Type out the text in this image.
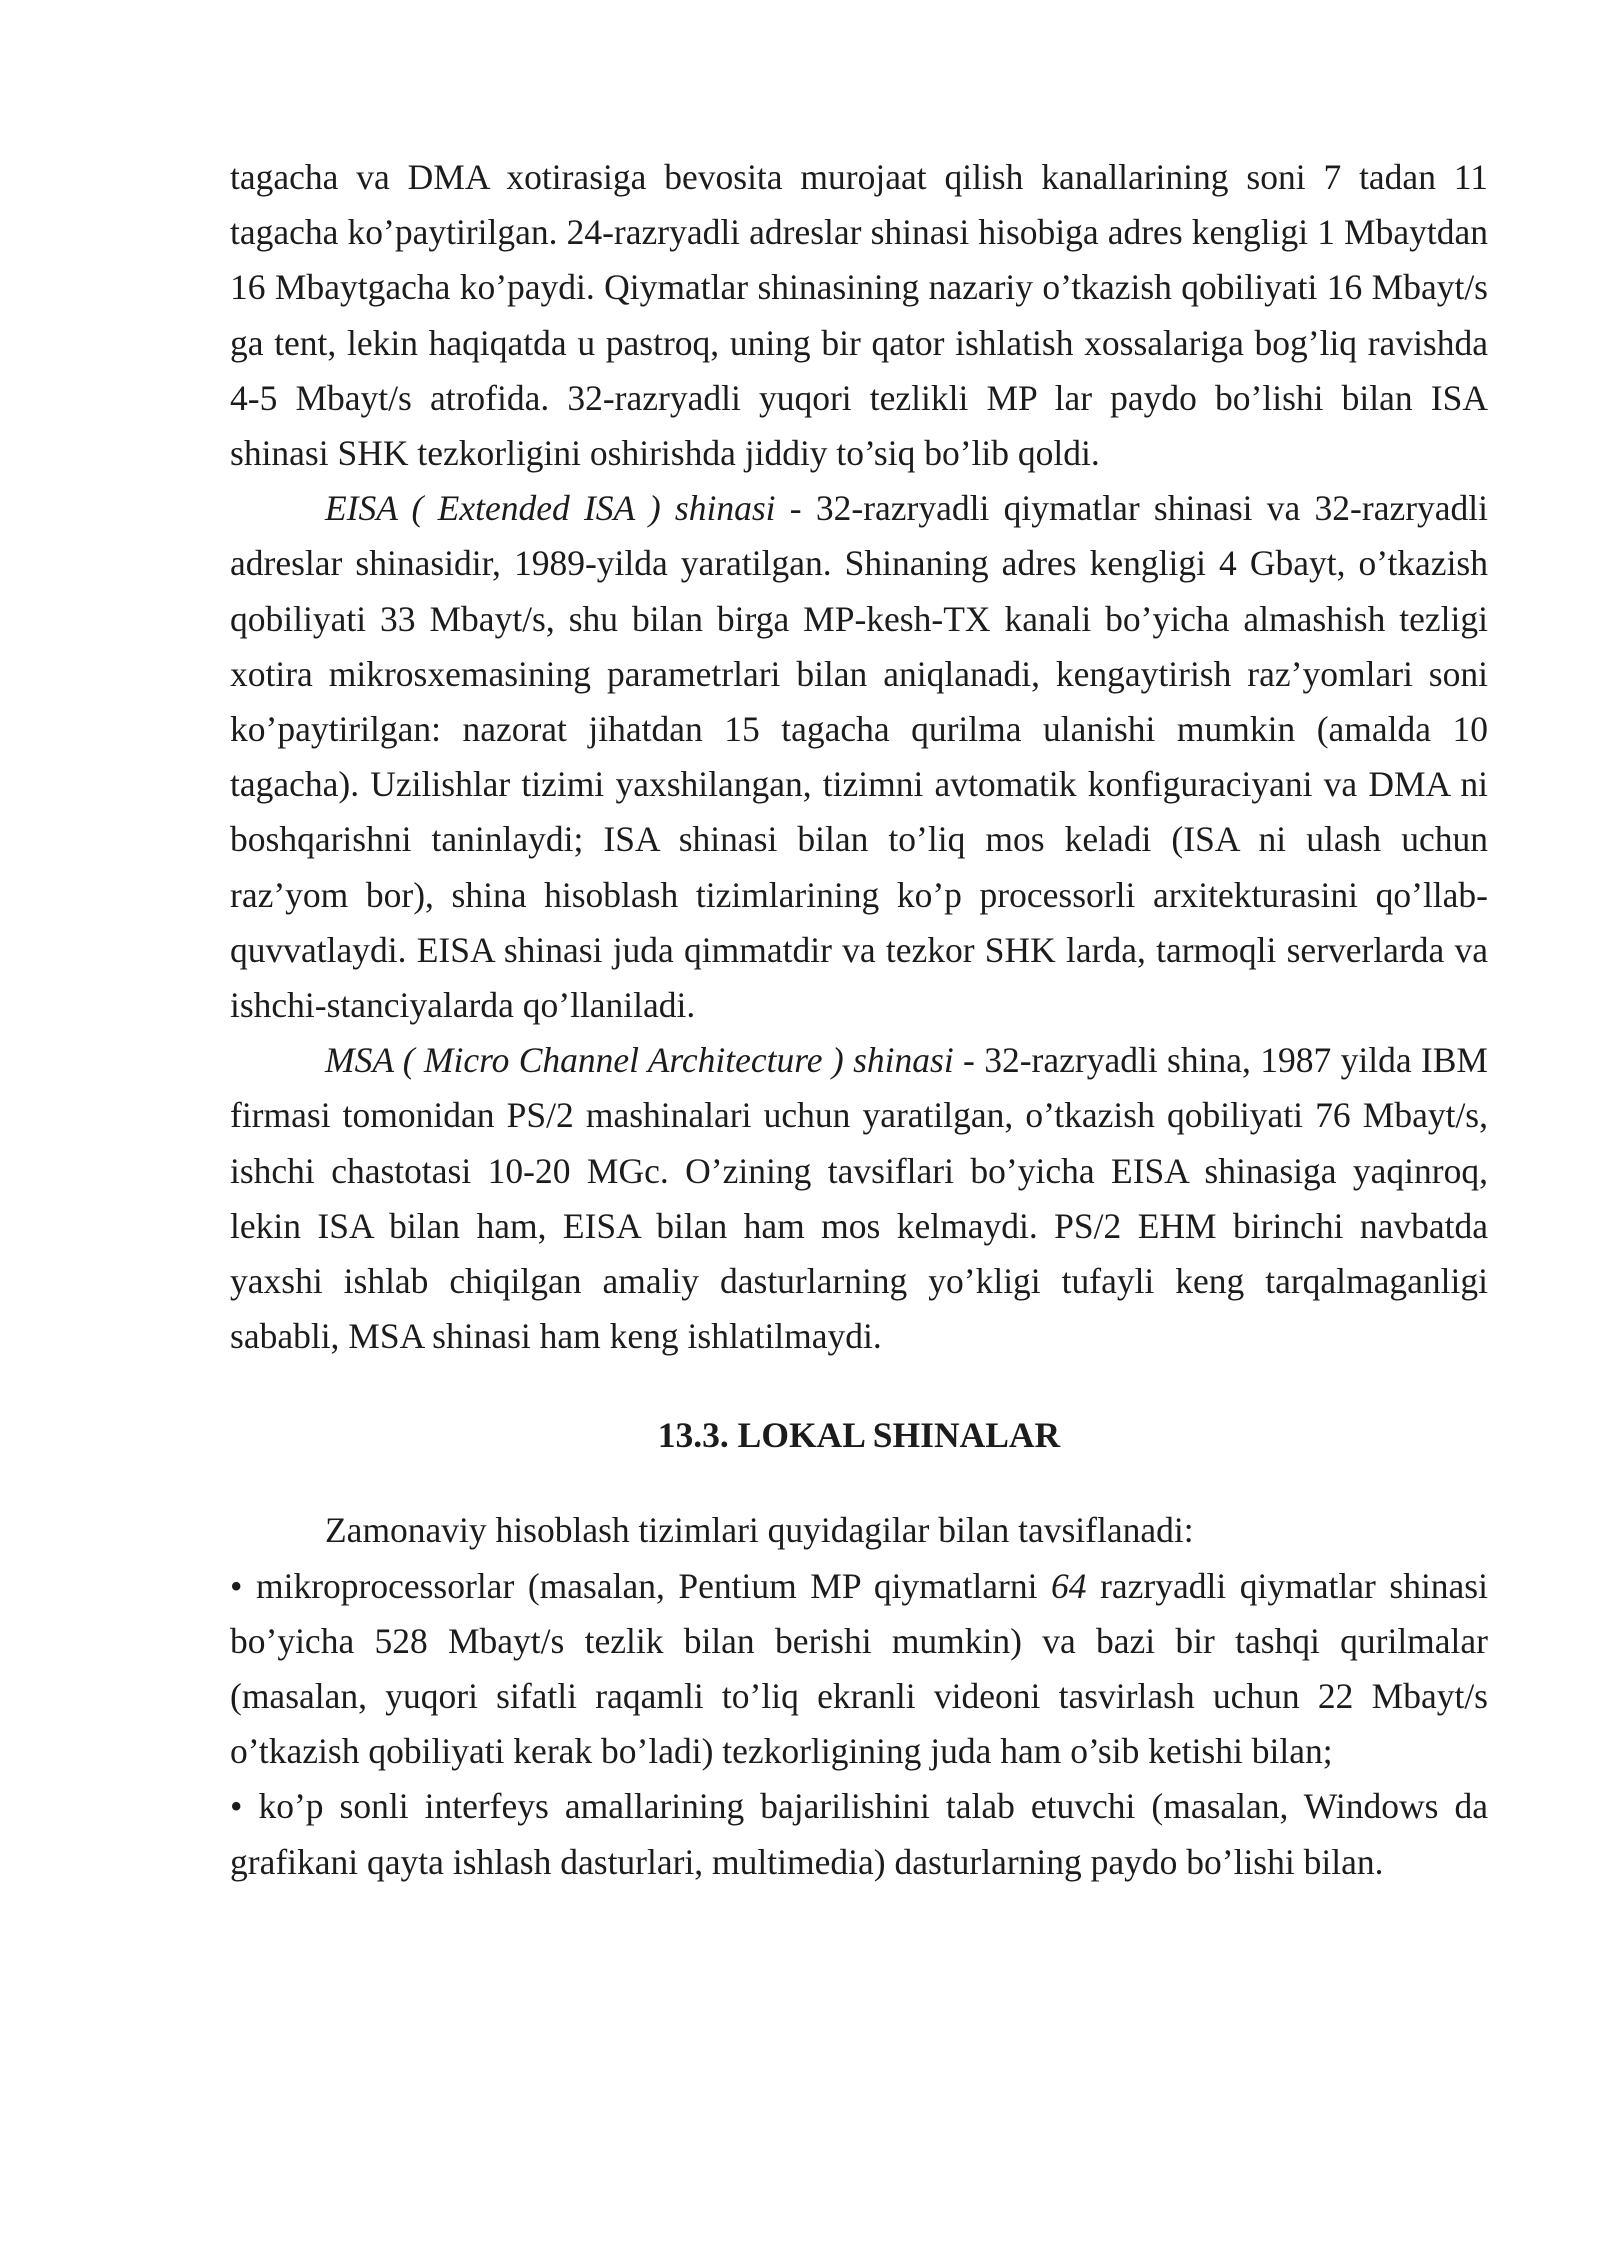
tagacha va DMA xotirasiga bevosita murojaat qilish kanallarining soni 7 tadan 11 tagacha ko’paytirilgan. 24-razryadli adreslar shinasi hisobiga adres kengligi 1 Mbaytdan 16 Mbaytgacha ko’paydi. Qiymatlar shinasining nazariy o’tkazish qobiliyati 16 Mbayt/s ga tent, lekin haqiqatda u pastroq, uning bir qator ishlatish xossalariga bog’liq ravishda 4-5 Mbayt/s atrofida. 32-razryadli yuqori tezlikli MP lar paydo bo’lishi bilan ISA shinasi SHK tezkorligini oshirishda jiddiy to’siq bo’lib qoldi.

EISA ( Extended ISA ) shinasi - 32-razryadli qiymatlar shinasi va 32-razryadli adreslar shinasidir, 1989-yilda yaratilgan. Shinaning adres kengligi 4 Gbayt, o’tkazish qobiliyati 33 Mbayt/s, shu bilan birga MP-kesh-TX kanali bo’yicha almashish tezligi xotira mikrosxemasining parametrlari bilan aniqlanadi, kengaytirish raz’yomlari soni ko’paytirilgan: nazorat jihatdan 15 tagacha qurilma ulanishi mumkin (amalda 10 tagacha). Uzilishlar tizimi yaxshilangan, tizimni avtomatik konfiguraciyani va DMA ni boshqarishni taninlaydi; ISA shinasi bilan to’liq mos keladi (ISA ni ulash uchun raz’yom bor), shina hisoblash tizimlarining ko’p processorli arxitekturasini qo’llab-quvvatlaydi. EISA shinasi juda qimmatdir va tezkor SHK larda, tarmoqli serverlarda va ishchi-stanciyalarda qo’llaniladi.

MSA ( Micro Channel Architecture ) shinasi - 32-razryadli shina, 1987 yilda IBM firmasi tomonidan PS/2 mashinalari uchun yaratilgan, o’tkazish qobiliyati 76 Mbayt/s, ishchi chastotasi 10-20 MGc. O’zining tavsiflari bo’yicha EISA shinasiga yaqinroq, lekin ISA bilan ham, EISA bilan ham mos kelmaydi. PS/2 EHM birinchi navbatda yaxshi ishlab chiqilgan amaliy dasturlarning yo’kligi tufayli keng tarqalmaganligi sababli, MSA shinasi ham keng ishlatilmaydi.

13.3. LOKAL SHINALAR

Zamonaviy hisoblash tizimlari quyidagilar bilan tavsiflanadi:

• mikroprocessorlar (masalan, Pentium MP qiymatlarni 64 razryadli qiymatlar shinasi bo’yicha 528 Mbayt/s tezlik bilan berishi mumkin) va bazi bir tashqi qurilmalar (masalan, yuqori sifatli raqamli to’liq ekranli videoni tasvirlash uchun 22 Mbayt/s o’tkazish qobiliyati kerak bo’ladi) tezkorligining juda ham o’sib ketishi bilan;

• ko’p sonli interfeys amallarining bajarilishini talab etuvchi (masalan, Windows da grafikani qayta ishlash dasturlari, multimedia) dasturlarning paydo bo’lishi bilan.
